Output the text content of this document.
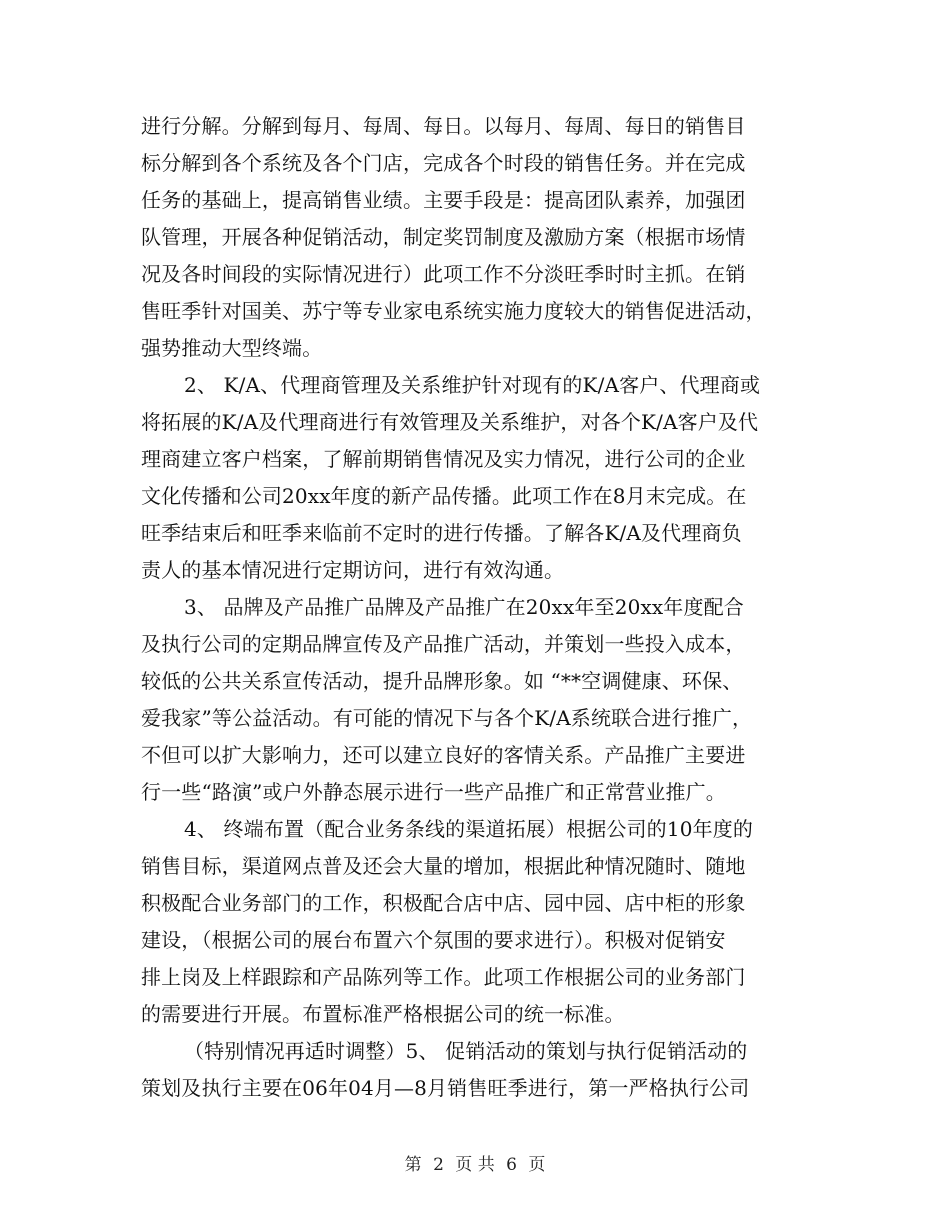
进行分解。分解到每月、每周、每日。以每月、每周、每日的销售目
标分解到各个系统及各个门店，完成各个时段的销售任务。并在完成
任务的基础上，提高销售业绩。主要手段是：提高团队素养，加强团
队管理，开展各种促销活动，制定奖罚制度及激励方案（根据市场情
况及各时间段的实际情况进行）此项工作不分淡旺季时时主抓。在销
售旺季针对国美、苏宁等专业家电系统实施力度较大的销售促进活动，
强势推动大型终端。
2、 K/A、代理商管理及关系维护针对现有的K/A客户、代理商或
将拓展的K/A及代理商进行有效管理及关系维护，对各个K/A客户及代
理商建立客户档案，了解前期销售情况及实力情况，进行公司的企业
文化传播和公司20xx年度的新产品传播。此项工作在8月末完成。在
旺季结束后和旺季来临前不定时的进行传播。了解各K/A及代理商负
责人的基本情况进行定期访问，进行有效沟通。
3、 品牌及产品推广品牌及产品推广在20xx年至20xx年度配合
及执行公司的定期品牌宣传及产品推广活动，并策划一些投入成本，
较低的公共关系宣传活动，提升品牌形象。如 “**空调健康、环保、
爱我家”等公益活动。有可能的情况下与各个K/A系统联合进行推广，
不但可以扩大影响力，还可以建立良好的客情关系。产品推广主要进
行一些“路演”或户外静态展示进行一些产品推广和正常营业推广。
4、 终端布置（配合业务条线的渠道拓展）根据公司的10年度的
销售目标，渠道网点普及还会大量的增加，根据此种情况随时、随地
积极配合业务部门的工作，积极配合店中店、园中园、店中柜的形象
建设，（根据公司的展台布置六个氛围的要求进行）。积极对促销安
排上岗及上样跟踪和产品陈列等工作。此项工作根据公司的业务部门
的需要进行开展。布置标准严格根据公司的统一标准。
（特别情况再适时调整）5、 促销活动的策划与执行促销活动的
策划及执行主要在06年04月—8月销售旺季进行，第一严格执行公司
第 2 页 共 6 页
